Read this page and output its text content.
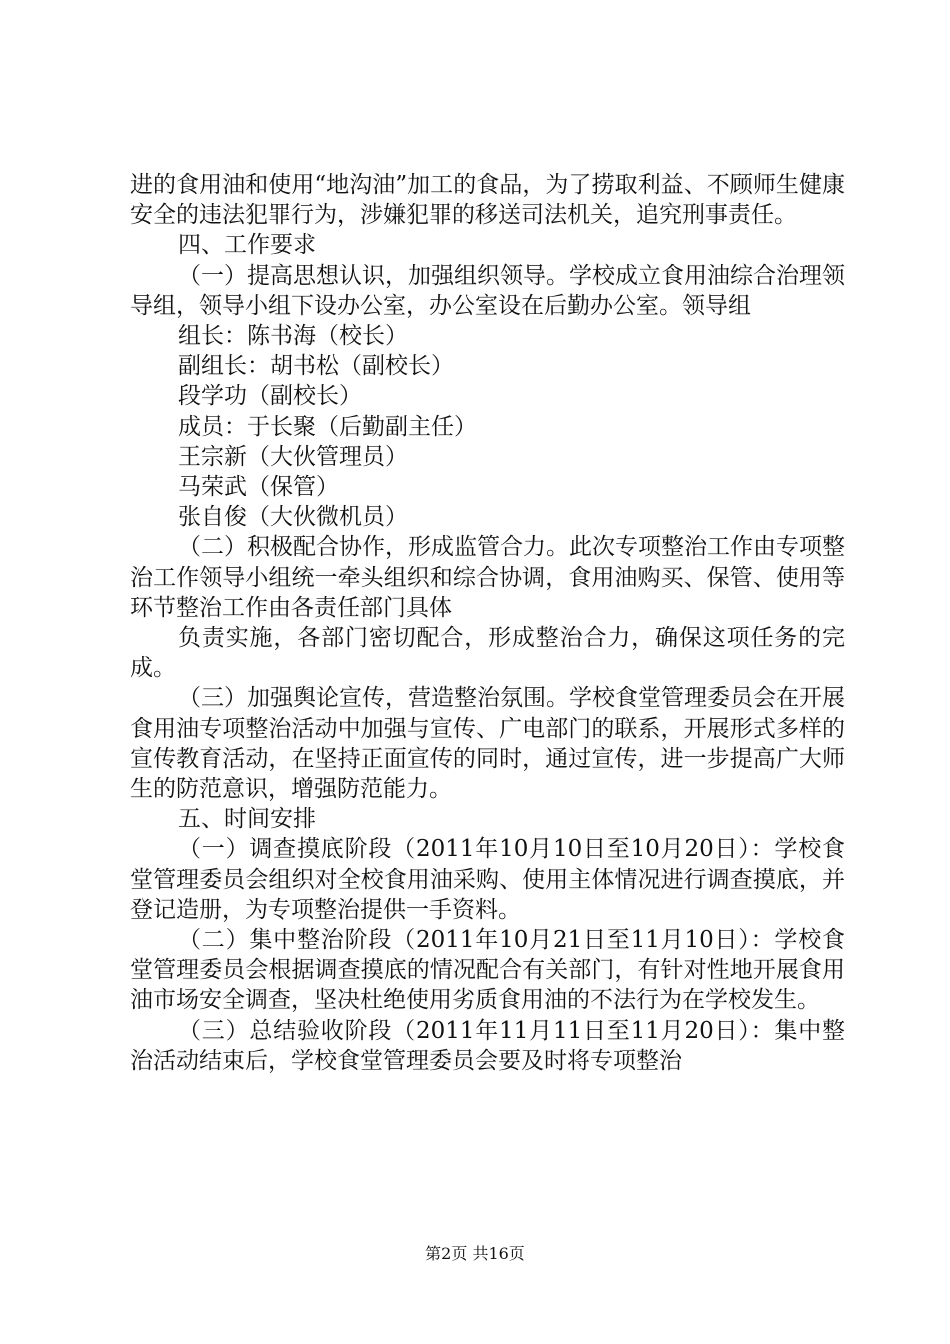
进的食用油和使用“地沟油”加工的食品，为了捞取利益、不顾师生健康安全的违法犯罪行为，涉嫌犯罪的移送司法机关，追究刑事责任。

四、工作要求

（一）提高思想认识，加强组织领导。学校成立食用油综合治理领导组，领导小组下设办公室，办公室设在后勤办公室。领导组

组长：陈书海（校长）

副组长：胡书松（副校长）

段学功（副校长）

成员：于长聚（后勤副主任）

王宗新（大伙管理员）

马荣武（保管）

张自俊（大伙微机员）

（二）积极配合协作，形成监管合力。此次专项整治工作由专项整治工作领导小组统一牵头组织和综合协调，食用油购买、保管、使用等环节整治工作由各责任部门具体

负责实施，各部门密切配合，形成整治合力，确保这项任务的完成。

（三）加强舆论宣传，营造整治氛围。学校食堂管理委员会在开展食用油专项整治活动中加强与宣传、广电部门的联系，开展形式多样的宣传教育活动，在坚持正面宣传的同时，通过宣传，进一步提高广大师生的防范意识，增强防范能力。

五、时间安排

（一）调查摸底阶段（2011年10月10日至10月20日）：学校食堂管理委员会组织对全校食用油采购、使用主体情况进行调查摸底，并登记造册，为专项整治提供一手资料。

（二）集中整治阶段（2011年10月21日至11月10日）：学校食堂管理委员会根据调查摸底的情况配合有关部门，有针对性地开展食用油市场安全调查，坚决杜绝使用劣质食用油的不法行为在学校发生。

（三）总结验收阶段（2011年11月11日至11月20日）：集中整治活动结束后，学校食堂管理委员会要及时将专项整治

第2页 共16页
